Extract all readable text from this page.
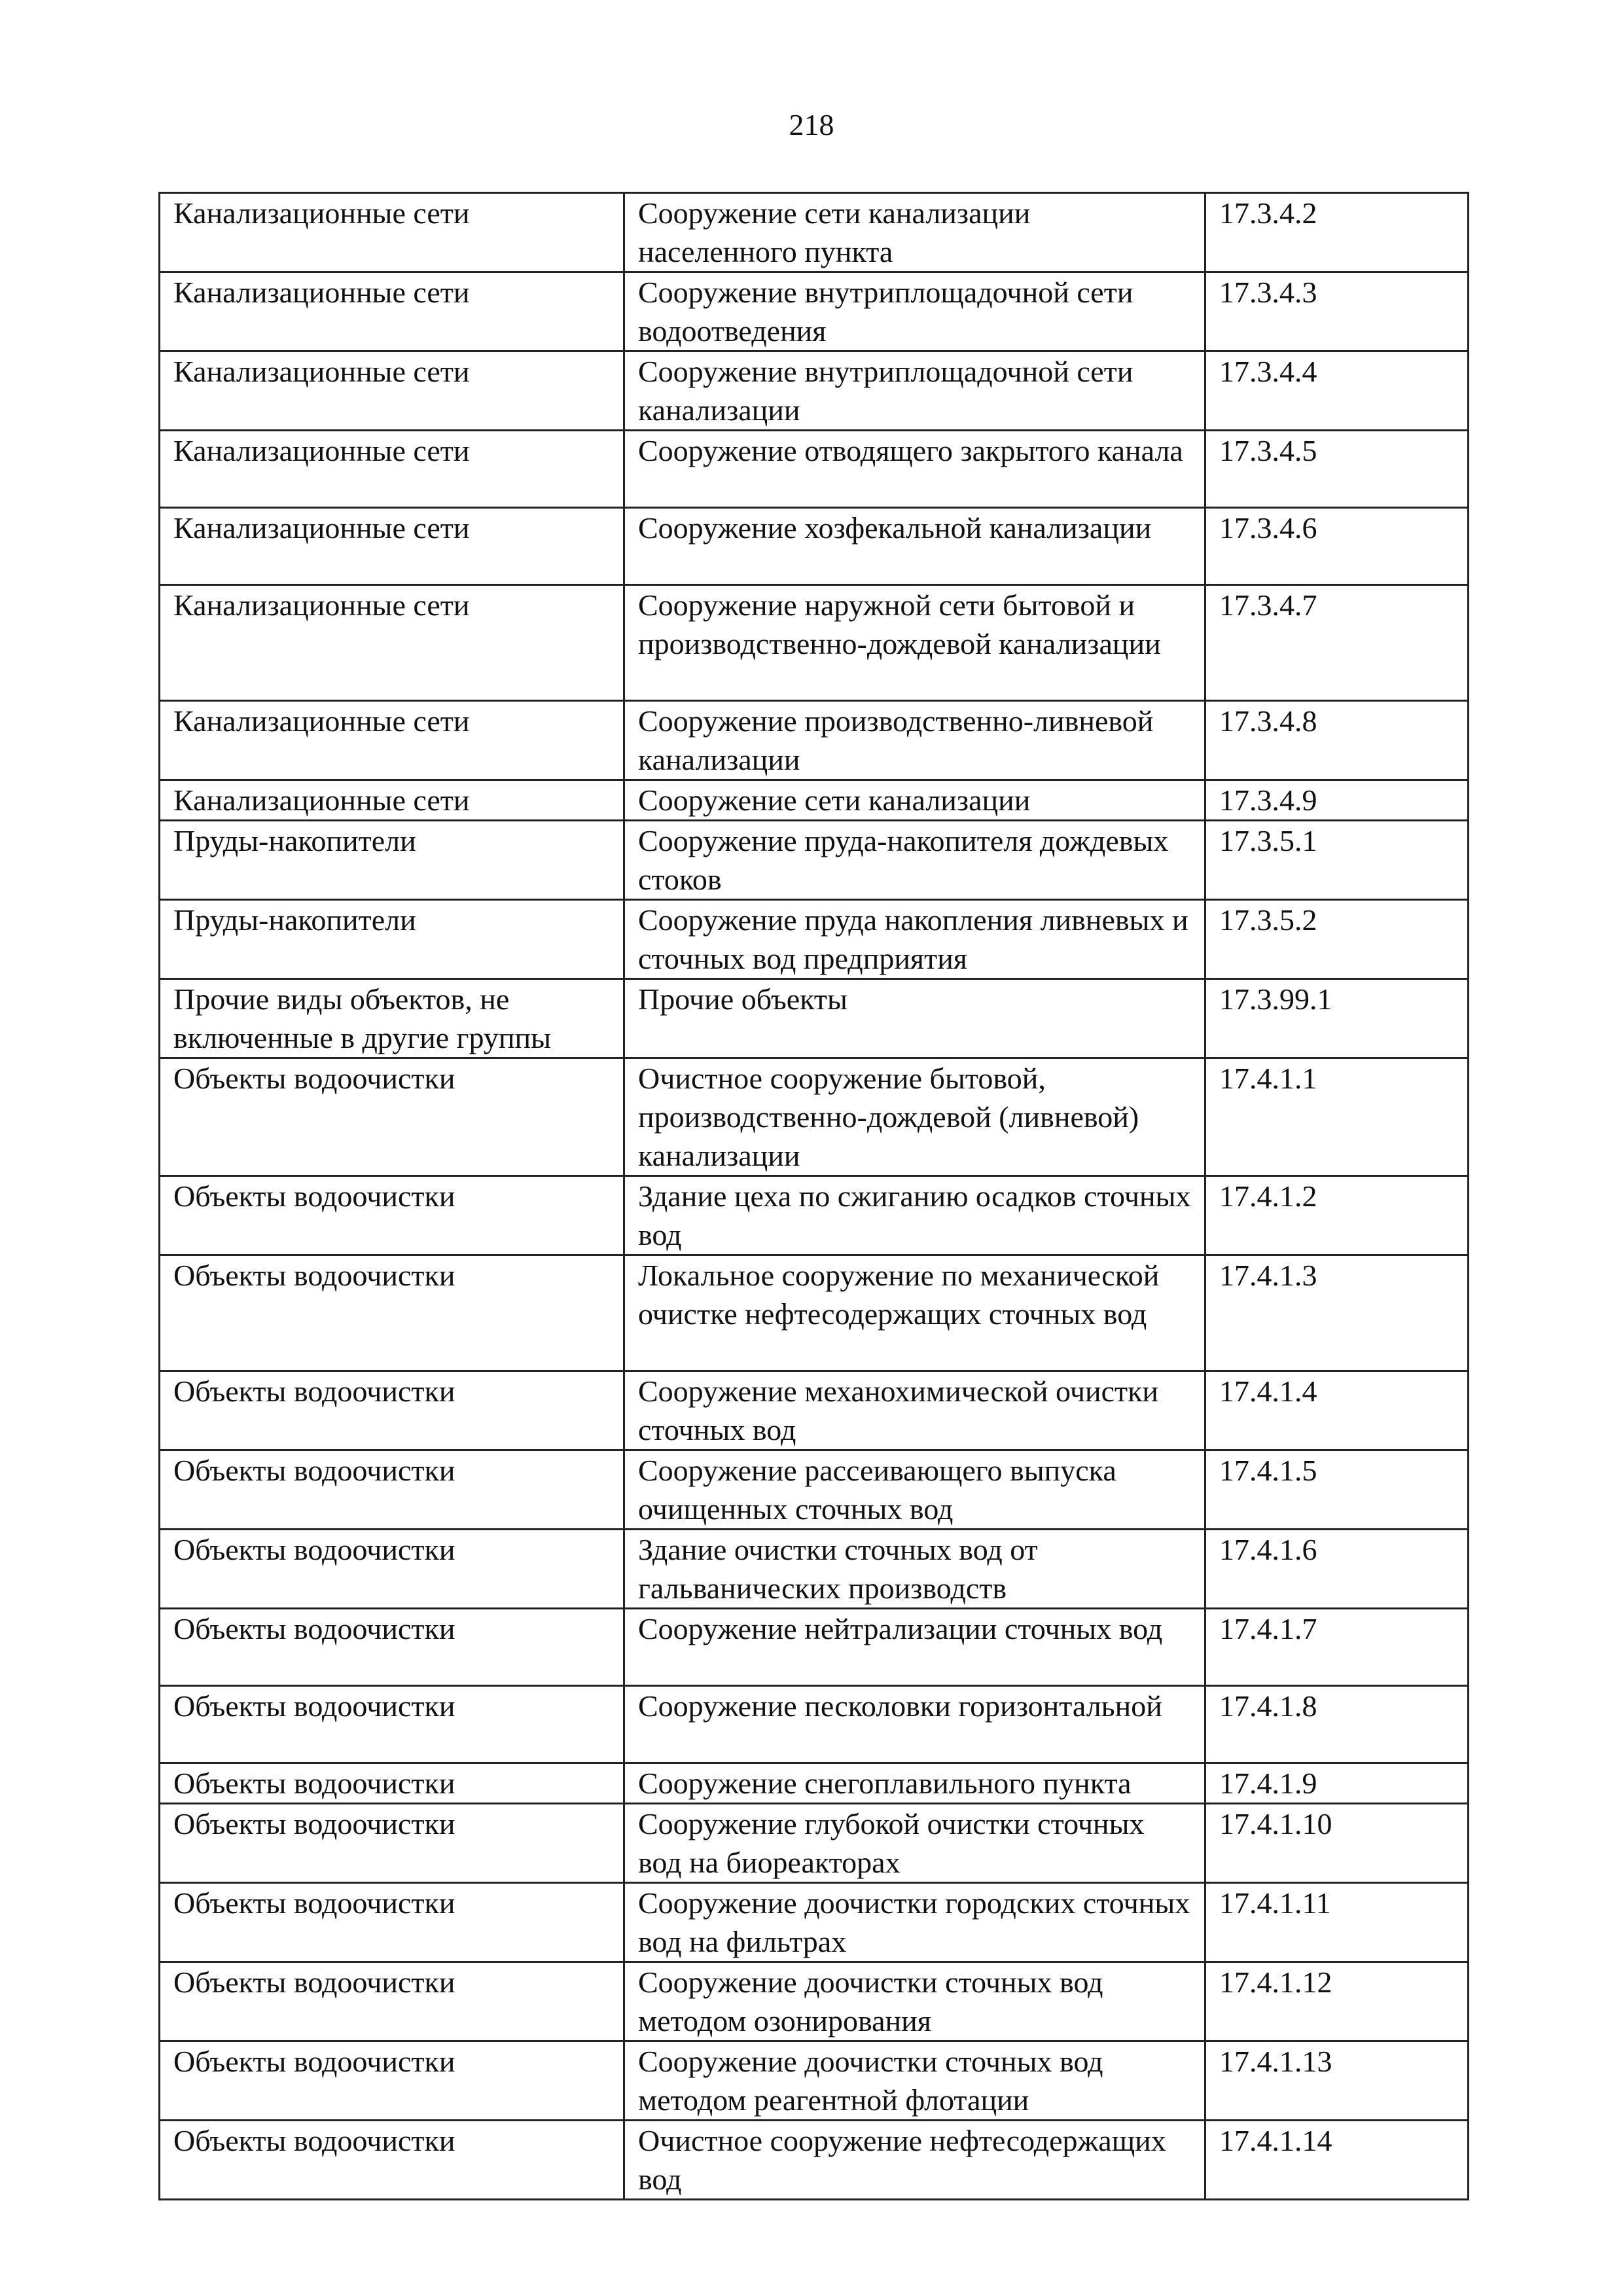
218
Канализационные сети	Сооружение сети канализации населенного пункта	17.3.4.2
Канализационные сети	Сооружение внутриплощадочной сети водоотведения	17.3.4.3
Канализационные сети	Сооружение внутриплощадочной сети канализации	17.3.4.4
Канализационные сети	Сооружение отводящего закрытого канала	17.3.4.5
Канализационные сети	Сооружение хозфекальной канализации	17.3.4.6
Канализационные сети	Сооружение наружной сети бытовой и производственно-дождевой канализации	17.3.4.7
Канализационные сети	Сооружение производственно-ливневой канализации	17.3.4.8
Канализационные сети	Сооружение сети канализации	17.3.4.9
Пруды-накопители	Сооружение пруда-накопителя дождевых стоков	17.3.5.1
Пруды-накопители	Сооружение пруда накопления ливневых и сточных вод предприятия	17.3.5.2
Прочие виды объектов, не включенные в другие группы	Прочие объекты	17.3.99.1
Объекты водоочистки	Очистное сооружение бытовой, производственно-дождевой (ливневой) канализации	17.4.1.1
Объекты водоочистки	Здание цеха по сжиганию осадков сточных вод	17.4.1.2
Объекты водоочистки	Локальное сооружение по механической очистке нефтесодержащих сточных вод	17.4.1.3
Объекты водоочистки	Сооружение механохимической очистки сточных вод	17.4.1.4
Объекты водоочистки	Сооружение рассеивающего выпуска очищенных сточных вод	17.4.1.5
Объекты водоочистки	Здание очистки сточных вод от гальванических производств	17.4.1.6
Объекты водоочистки	Сооружение нейтрализации сточных вод	17.4.1.7
Объекты водоочистки	Сооружение песколовки горизонтальной	17.4.1.8
Объекты водоочистки	Сооружение снегоплавильного пункта	17.4.1.9
Объекты водоочистки	Сооружение глубокой очистки сточных вод на биореакторах	17.4.1.10
Объекты водоочистки	Сооружение доочистки городских сточных вод на фильтрах	17.4.1.11
Объекты водоочистки	Сооружение доочистки сточных вод методом озонирования	17.4.1.12
Объекты водоочистки	Сооружение доочистки сточных вод методом реагентной флотации	17.4.1.13
Объекты водоочистки	Очистное сооружение нефтесодержащих вод	17.4.1.14
